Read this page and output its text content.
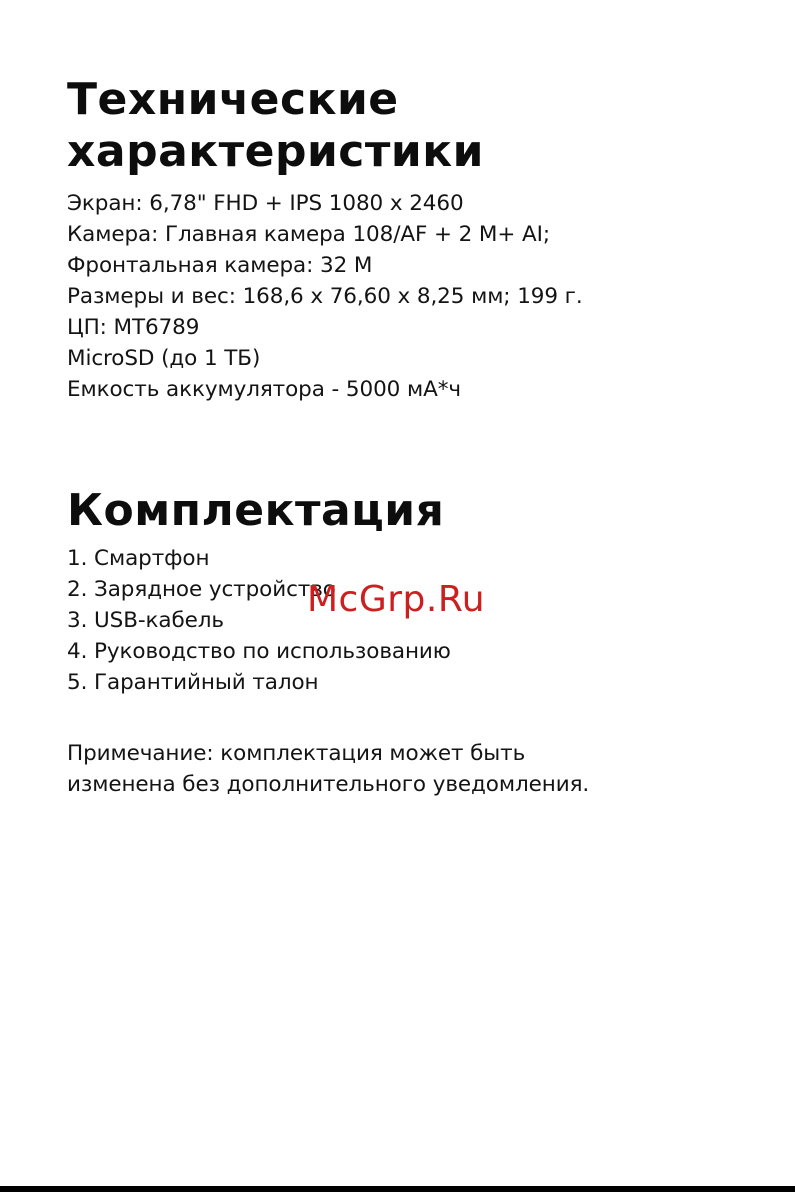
Технические
характеристики
Экран: 6,78" FHD + IPS 1080 х 2460
Камера: Главная камера 108/AF + 2 M+ AI;
Фронтальная камера: 32 M
Размеры и вес: 168,6 х 76,60 х 8,25 мм; 199 г.
ЦП: MT6789
MicroSD (до 1 ТБ)
Емкость аккумулятора - 5000 мА*ч
Комплектация
1. Смартфон
2. Зарядное устройство
3. USB-кабель
4. Руководство по использованию
5. Гарантийный талон
Примечание: комплектация может быть
изменена без дополнительного уведомления.
McGrp.Ru
